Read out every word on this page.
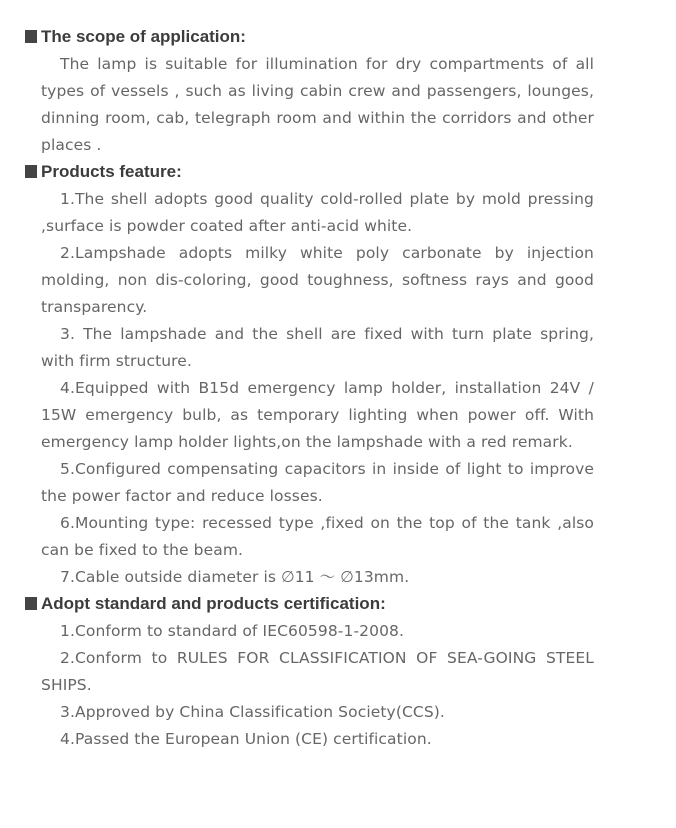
The scope of application:

The lamp is suitable for illumination for dry compartments of all types of vessels , such as living cabin crew and passengers, lounges, dinning room, cab, telegraph room and within the corridors and other places .

Products feature:

1.The shell adopts good quality cold-rolled plate by mold pressing ,surface is powder coated after anti-acid white.

2.Lampshade adopts milky white poly carbonate by injection molding, non dis-coloring, good toughness, softness rays and good transparency.

3. The lampshade and the shell are fixed with turn plate spring, with firm structure.

4.Equipped with B15d emergency lamp holder, installation 24V / 15W emergency bulb, as temporary lighting when power off. With emergency lamp holder lights,on the lampshade with a red remark.

5.Configured compensating capacitors in inside of light to improve the power factor and reduce losses.

6.Mounting type: recessed type ,fixed on the top of the tank ,also can be fixed to the beam.

7.Cable outside diameter is ∅11 ～ ∅13mm.

Adopt standard and products certification:

1.Conform to standard of IEC60598-1-2008.

2.Conform to RULES FOR CLASSIFICATION OF SEA-GOING STEEL SHIPS.

3.Approved by China Classification Society(CCS).

4.Passed the European Union (CE) certification.
